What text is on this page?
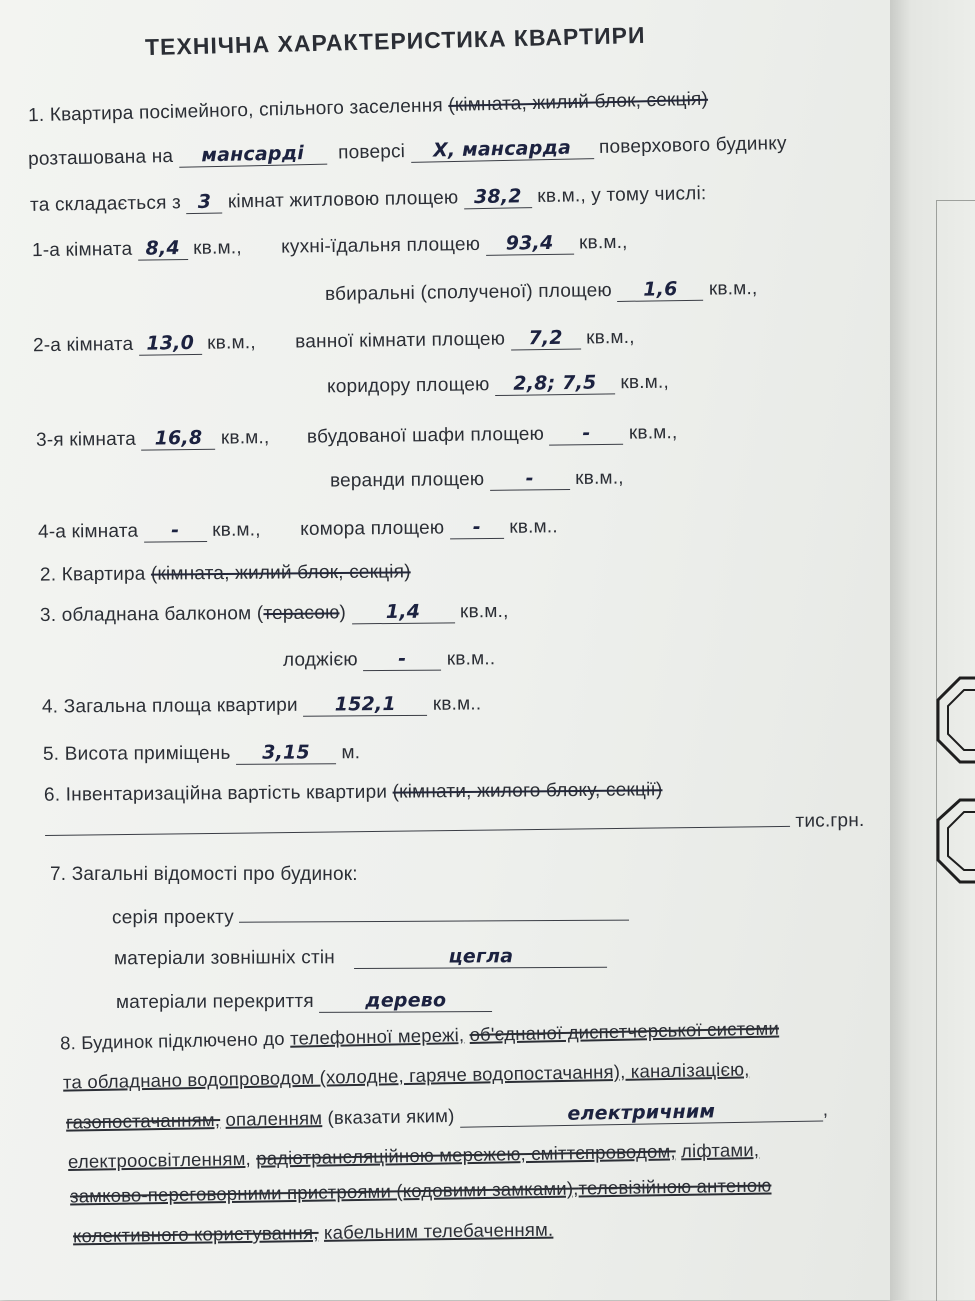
ТЕХНІЧНА ХАРАКТЕРИСТИКА КВАРТИРИ
1. Квартира посімейного, спільного заселення (кімната, жилий блок, секція)
розташована на мансарді поверсі X, мансарда поверхового будинку
та складається з 3 кімнат житловою площею 38,2 кв.м., у тому числі:
1-а кімната 8,4 кв.м., кухні-їдальня площею 93,4 кв.м.,
вбиральні (сполученої) площею 1,6 кв.м.,
2-а кімната 13,0 кв.м., ванної кімнати площею 7,2 кв.м.,
коридору площею 2,8; 7,5 кв.м.,
3-я кімната 16,8 кв.м., вбудованої шафи площею - кв.м.,
веранди площею - кв.м.,
4-а кімната - кв.м., комора площею - кв.м..
2. Квартира (кімната, жилий блок, секція)
3. обладнана балконом (терасою) 1,4 кв.м.,
лоджією - кв.м..
4. Загальна площа квартири 152,1 кв.м..
5. Висота приміщень 3,15 м.
6. Інвентаризаційна вартість квартири (кімнати, жилого блоку, секції)
тис.грн.
7. Загальні відомості про будинок:
серія проекту
матеріали зовнішніх стін	цегла
матеріали перекриття	дерево
8. Будинок підключено до телефонної мережі, об'єднаної диспетчерської системи
та обладнано водопроводом (холодне, гаряче водопостачання), каналізацією,
газопостачанням, опаленням (вказати яким)	електричним	,
електроосвітленням, радіотрансляційною мережею, сміттєпроводом, ліфтами,
замково-переговорними пристроями (кодовими замками),телевізійною антеною
колективного користування, кабельним телебаченням.
